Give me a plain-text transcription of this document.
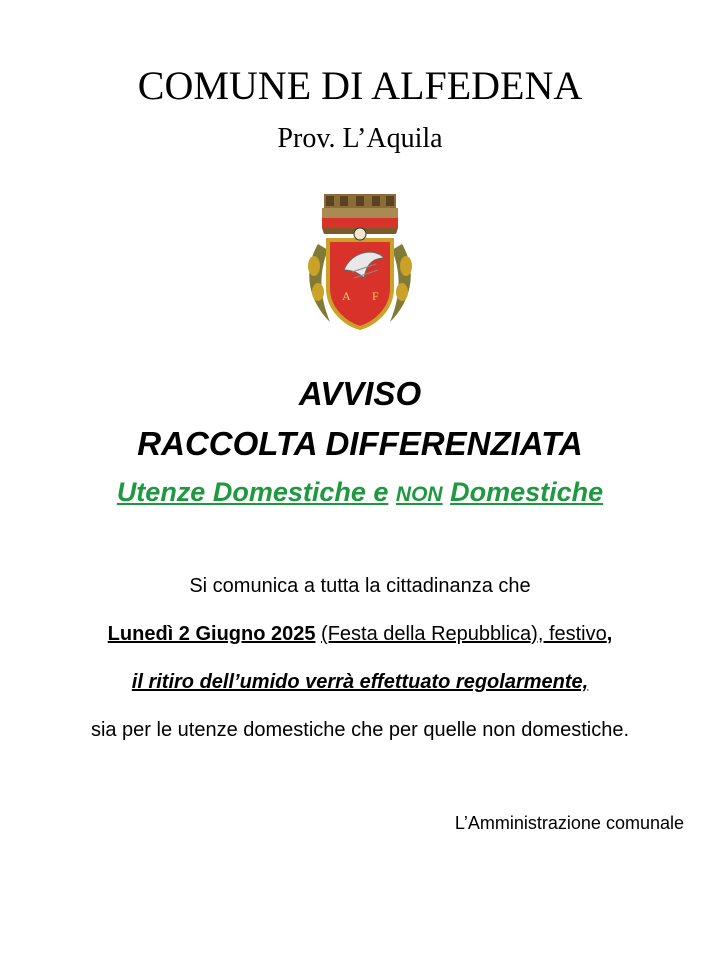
COMUNE DI ALFEDENA
Prov. L’Aquila
A F
AVVISO
RACCOLTA DIFFERENZIATA
Utenze Domestiche e NON Domestiche
Si comunica a tutta la cittadinanza che
Lunedì 2 Giugno 2025 (Festa della Repubblica), festivo,
il ritiro dell’umido verrà effettuato regolarmente,
sia per le utenze domestiche che per quelle non domestiche.
L’Amministrazione comunale
